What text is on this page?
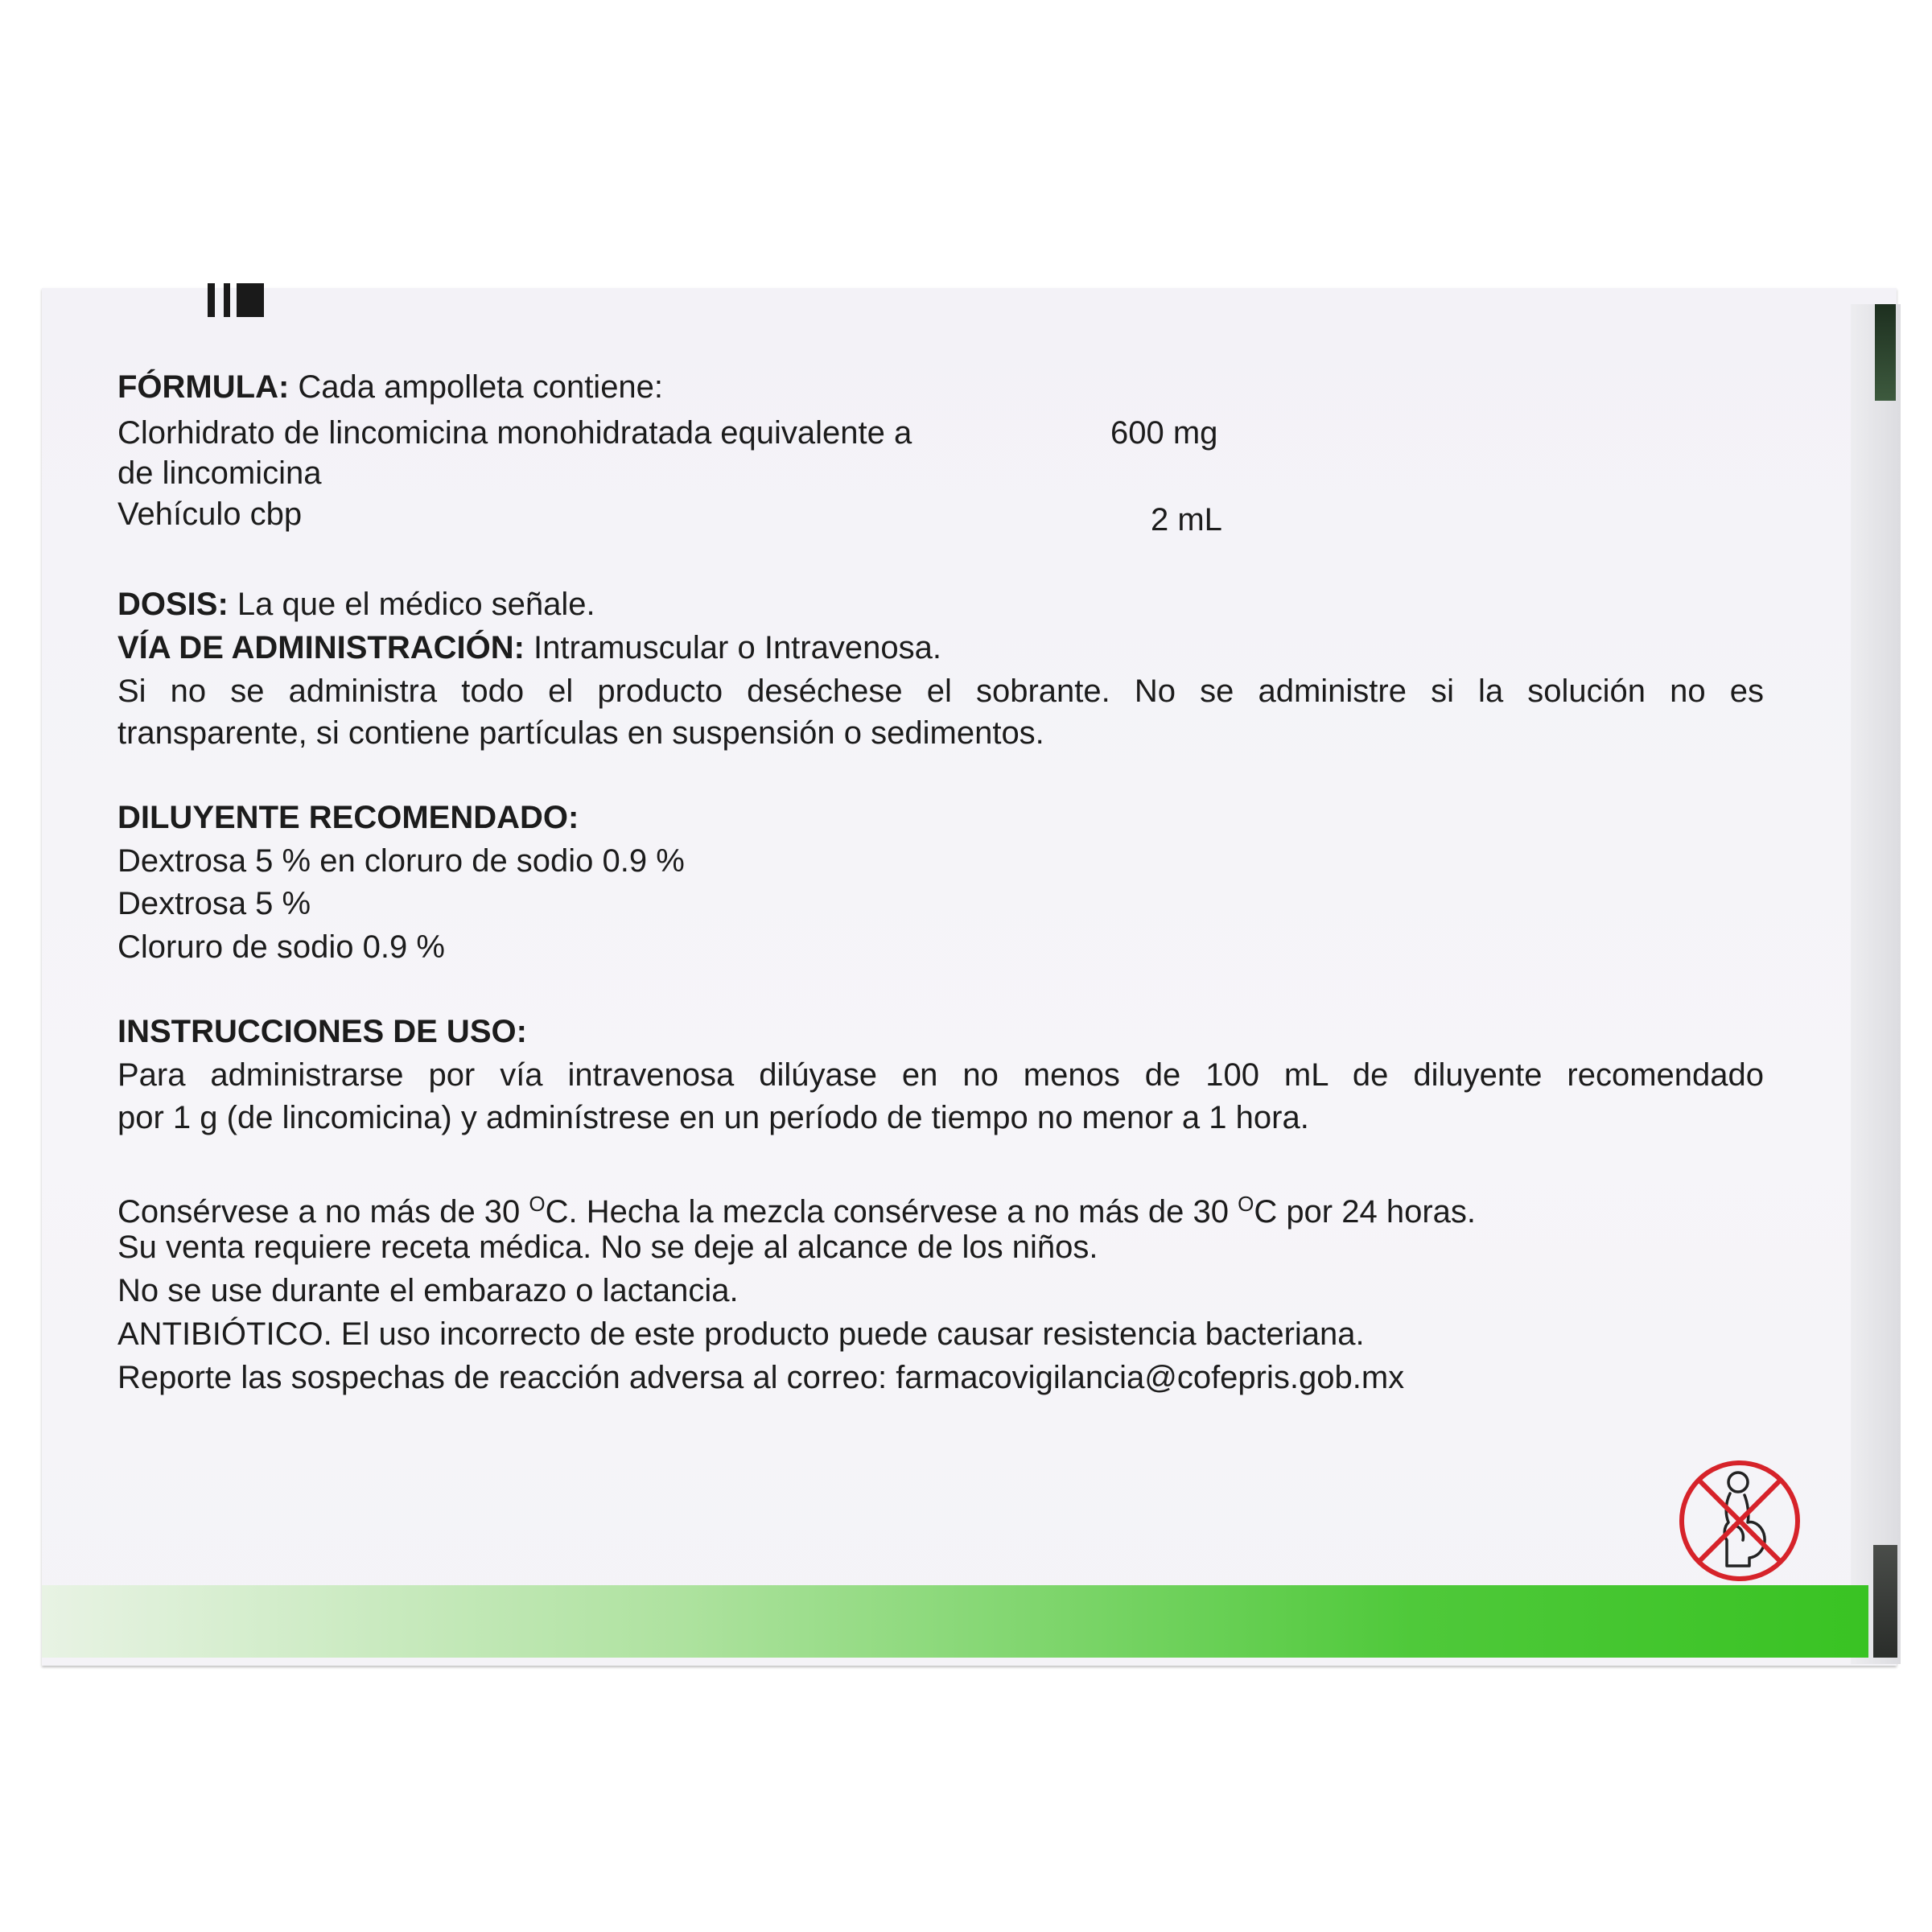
FÓRMULA: Cada ampolleta contiene:
Clorhidrato de lincomicina monohidratada equivalente a	600 mg
de lincomicina
Vehículo cbp	2 mL
DOSIS: La que el médico señale.
VÍA DE ADMINISTRACIÓN: Intramuscular o Intravenosa.
Si no se administra todo el producto deséchese el sobrante. No se administre si la solución no es
transparente, si contiene partículas en suspensión o sedimentos.
DILUYENTE RECOMENDADO:
Dextrosa 5 % en cloruro de sodio 0.9 %
Dextrosa 5 %
Cloruro de sodio 0.9 %
INSTRUCCIONES DE USO:
Para administrarse por vía intravenosa dilúyase en no menos de 100 mL de diluyente recomendado
por 1 g (de lincomicina) y adminístrese en un período de tiempo no menor a 1 hora.
Consérvese a no más de 30 $^O$C. Hecha la mezcla consérvese a no más de 30 $^O$C por 24 horas.
Su venta requiere receta médica. No se deje al alcance de los niños.
No se use durante el embarazo o lactancia.
ANTIBIÓTICO. El uso incorrecto de este producto puede causar resistencia bacteriana.
Reporte las sospechas de reacción adversa al correo: farmacovigilancia@cofepris.gob.mx
